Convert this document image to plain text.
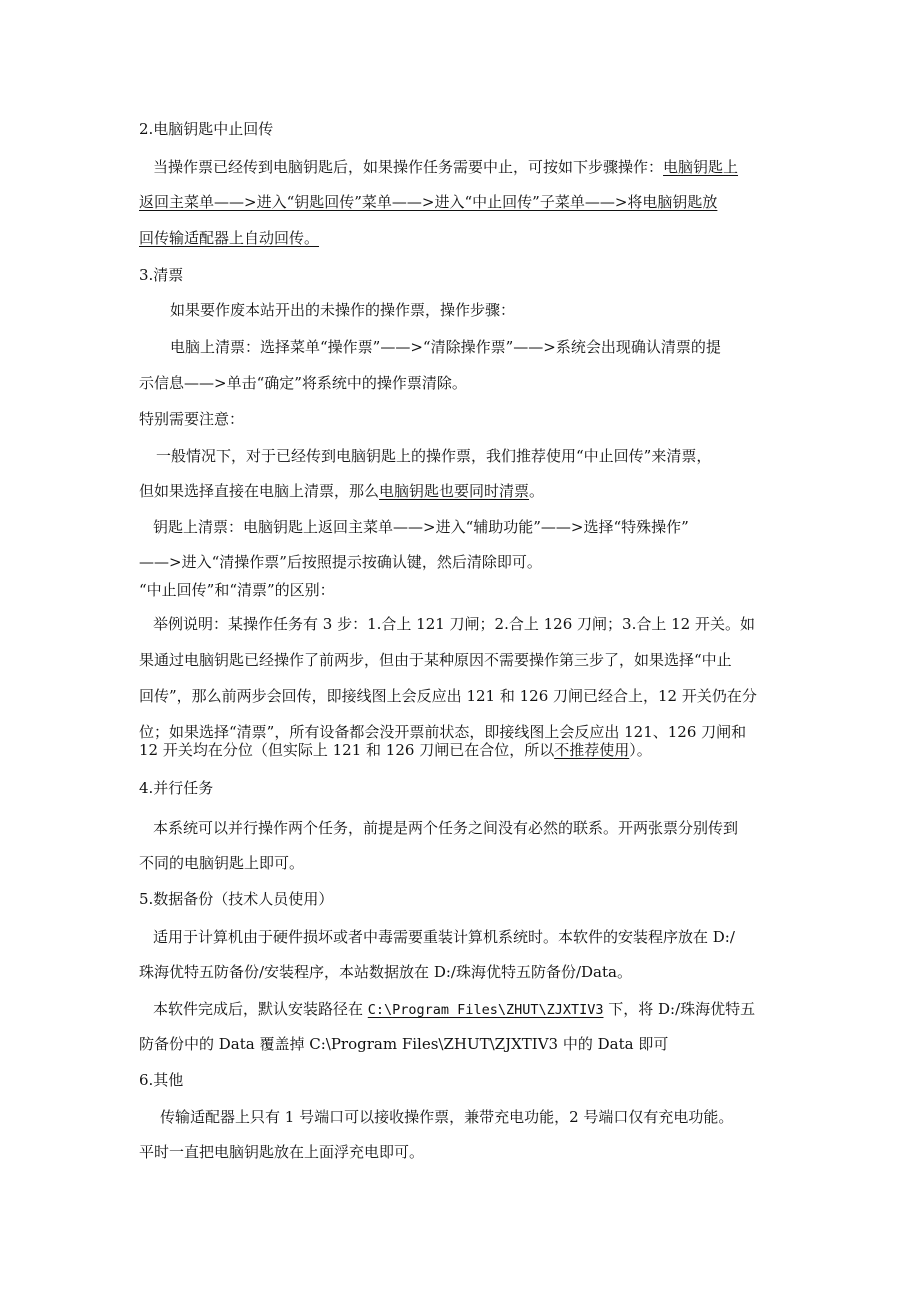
2.电脑钥匙中止回传
当操作票已经传到电脑钥匙后，如果操作任务需要中止，可按如下步骤操作：电脑钥匙上
返回主菜单——>进入“钥匙回传”菜单——>进入“中止回传”子菜单——>将电脑钥匙放
回传输适配器上自动回传。
3.清票
如果要作废本站开出的未操作的操作票，操作步骤：
电脑上清票：选择菜单“操作票”——>“清除操作票”——>系统会出现确认清票的提
示信息——>单击“确定”将系统中的操作票清除。
特别需要注意：
一般情况下，对于已经传到电脑钥匙上的操作票，我们推荐使用“中止回传”来清票，
但如果选择直接在电脑上清票，那么电脑钥匙也要同时清票。
钥匙上清票：电脑钥匙上返回主菜单——>进入“辅助功能”——>选择“特殊操作”
——>进入“清操作票”后按照提示按确认键，然后清除即可。
“中止回传”和“清票”的区别：
举例说明：某操作任务有 3 步：1.合上 121 刀闸；2.合上 126 刀闸；3.合上 12 开关。如
果通过电脑钥匙已经操作了前两步，但由于某种原因不需要操作第三步了，如果选择“中止
回传”，那么前两步会回传，即接线图上会反应出 121 和 126 刀闸已经合上，12 开关仍在分
位；如果选择“清票”，所有设备都会没开票前状态，即接线图上会反应出 121、126 刀闸和
12 开关均在分位（但实际上 121 和 126 刀闸已在合位，所以不推荐使用）。
4.并行任务
本系统可以并行操作两个任务，前提是两个任务之间没有必然的联系。开两张票分别传到
不同的电脑钥匙上即可。
5.数据备份（技术人员使用）
适用于计算机由于硬件损坏或者中毒需要重装计算机系统时。本软件的安装程序放在 D:/
珠海优特五防备份/安装程序，本站数据放在 D:/珠海优特五防备份/Data。
本软件完成后，默认安装路径在 C:\Program Files\ZHUT\ZJXTIV3 下，将 D:/珠海优特五
防备份中的 Data 覆盖掉 C:\Program Files\ZHUT\ZJXTIV3 中的 Data 即可
6.其他
传输适配器上只有 1 号端口可以接收操作票，兼带充电功能，2 号端口仅有充电功能。
平时一直把电脑钥匙放在上面浮充电即可。
